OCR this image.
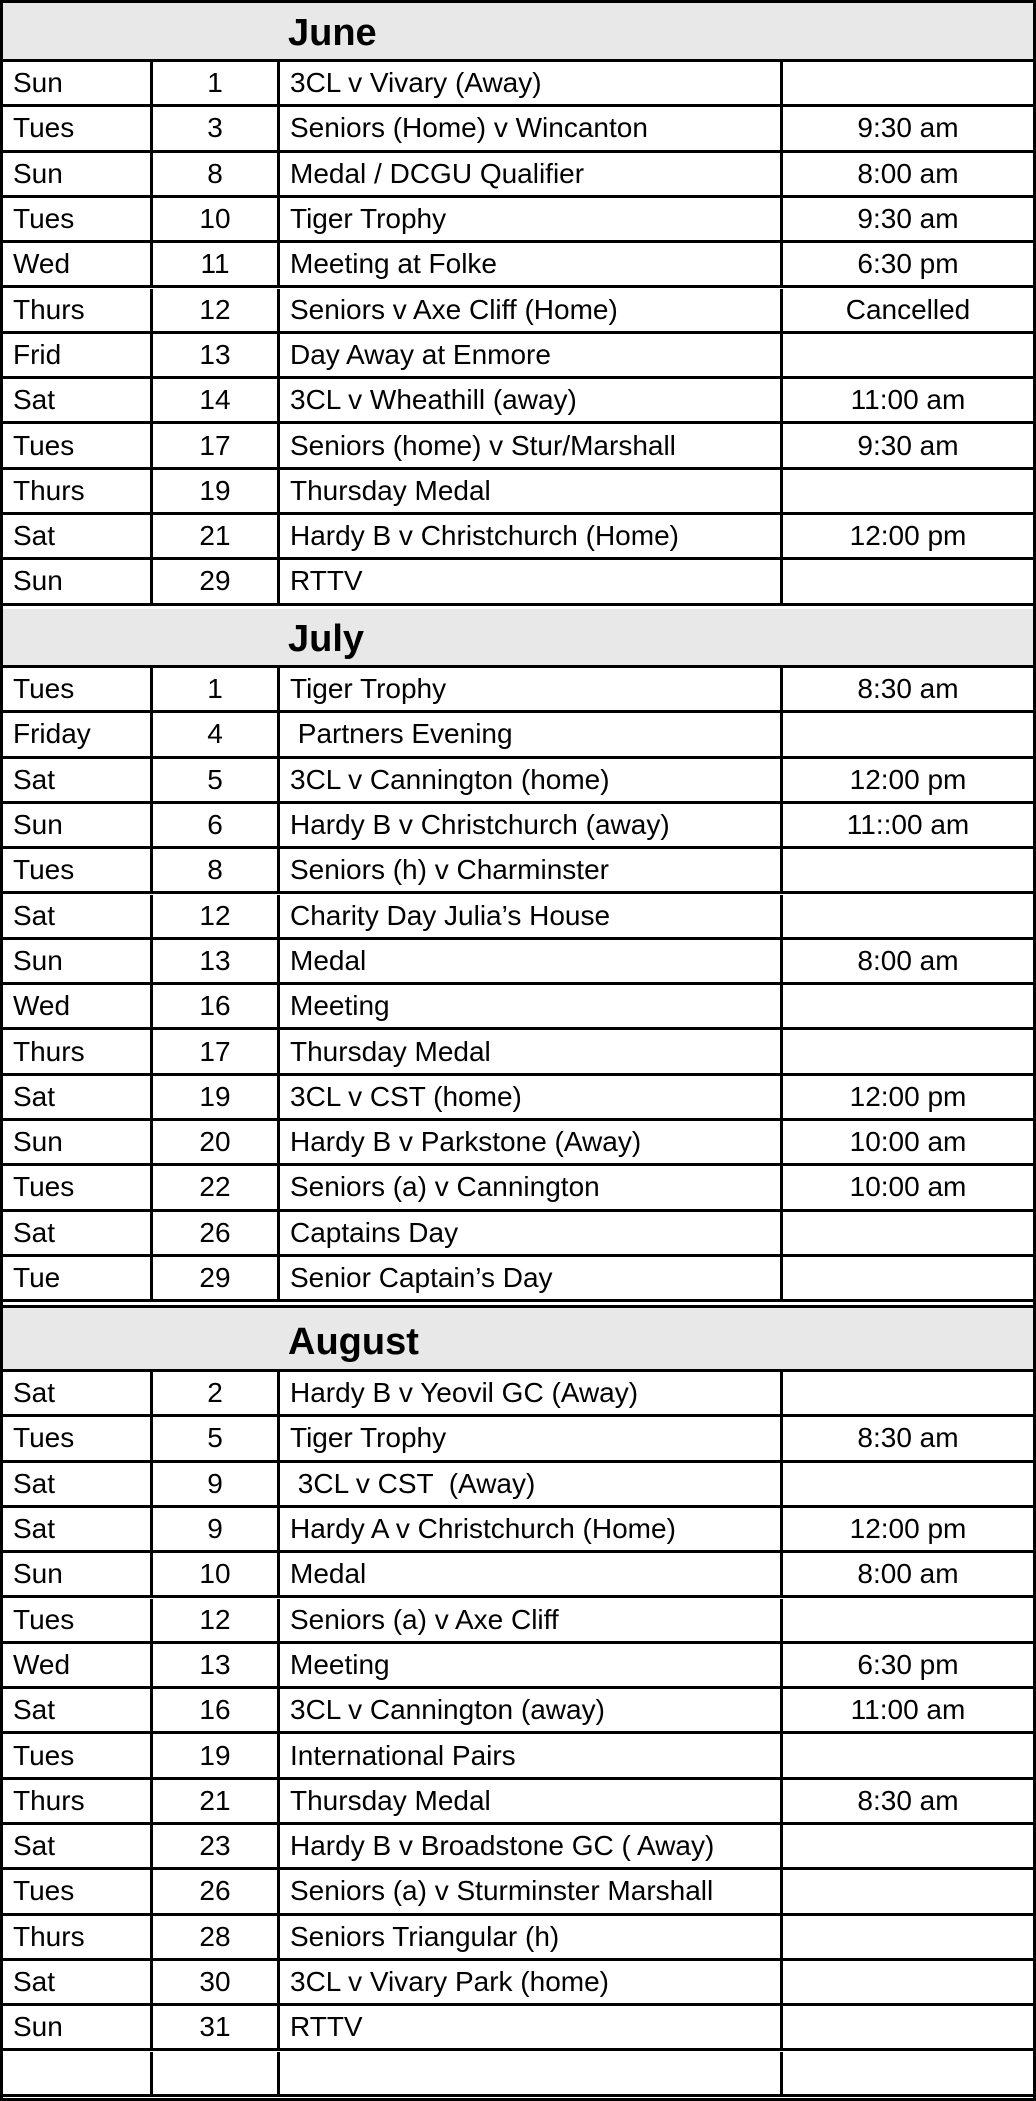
June
Sun	1	3CL v Vivary (Away)
Tues	3	Seniors (Home) v Wincanton	9:30 am
Sun	8	Medal / DCGU Qualifier	8:00 am
Tues	10	Tiger Trophy	9:30 am
Wed	11	Meeting at Folke	6:30 pm
Thurs	12	Seniors v Axe Cliff (Home)	Cancelled
Frid	13	Day Away at Enmore
Sat	14	3CL v Wheathill (away)	11:00 am
Tues	17	Seniors (home) v Stur/Marshall	9:30 am
Thurs	19	Thursday Medal
Sat	21	Hardy B v Christchurch (Home)	12:00 pm
Sun	29	RTTV
July
Tues	1	Tiger Trophy	8:30 am
Friday	4	Partners Evening
Sat	5	3CL v Cannington (home)	12:00 pm
Sun	6	Hardy B v Christchurch (away)	11::00 am
Tues	8	Seniors (h) v Charminster
Sat	12	Charity Day Julia’s House
Sun	13	Medal	8:00 am
Wed	16	Meeting
Thurs	17	Thursday Medal
Sat	19	3CL v CST (home)	12:00 pm
Sun	20	Hardy B v Parkstone (Away)	10:00 am
Tues	22	Seniors (a) v Cannington	10:00 am
Sat	26	Captains Day
Tue	29	Senior Captain’s Day
August
Sat	2	Hardy B v Yeovil GC (Away)
Tues	5	Tiger Trophy	8:30 am
Sat	9	3CL v CST  (Away)
Sat	9	Hardy A v Christchurch (Home)	12:00 pm
Sun	10	Medal	8:00 am
Tues	12	Seniors (a) v Axe Cliff
Wed	13	Meeting	6:30 pm
Sat	16	3CL v Cannington (away)	11:00 am
Tues	19	International Pairs
Thurs	21	Thursday Medal	8:30 am
Sat	23	Hardy B v Broadstone GC ( Away)
Tues	26	Seniors (a) v Sturminster Marshall
Thurs	28	Seniors Triangular (h)
Sat	30	3CL v Vivary Park (home)
Sun	31	RTTV
